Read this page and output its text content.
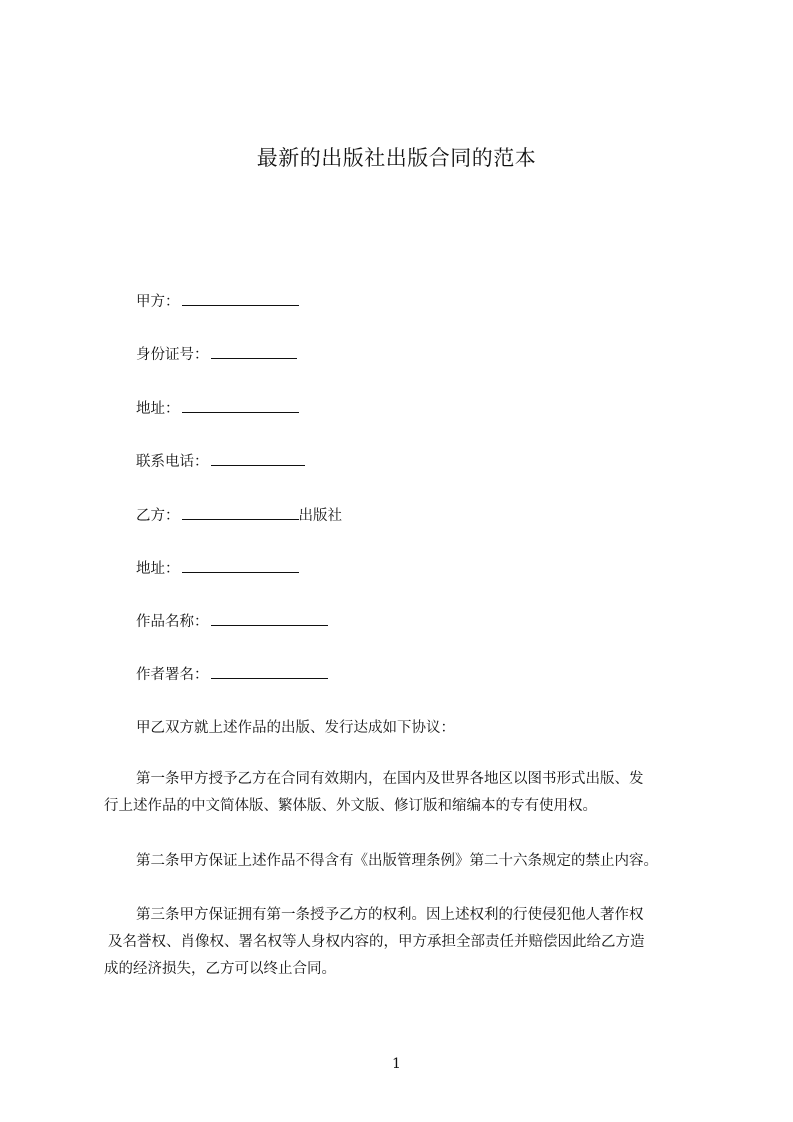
最新的出版社出版合同的范本
甲方：
身份证号：
地址：
联系电话：
乙方：	出版社
地址：
作品名称：
作者署名：
甲乙双方就上述作品的出版、发行达成如下协议：
第一条甲方授予乙方在合同有效期内，在国内及世界各地区以图书形式出版、发
行上述作品的中文简体版、繁体版、外文版、修订版和缩编本的专有使用权。
第二条甲方保证上述作品不得含有《出版管理条例》第二十六条规定的禁止内容。
第三条甲方保证拥有第一条授予乙方的权利。因上述权利的行使侵犯他人著作权
及名誉权、肖像权、署名权等人身权内容的，甲方承担全部责任并赔偿因此给乙方造
成的经济损失，乙方可以终止合同。
1
